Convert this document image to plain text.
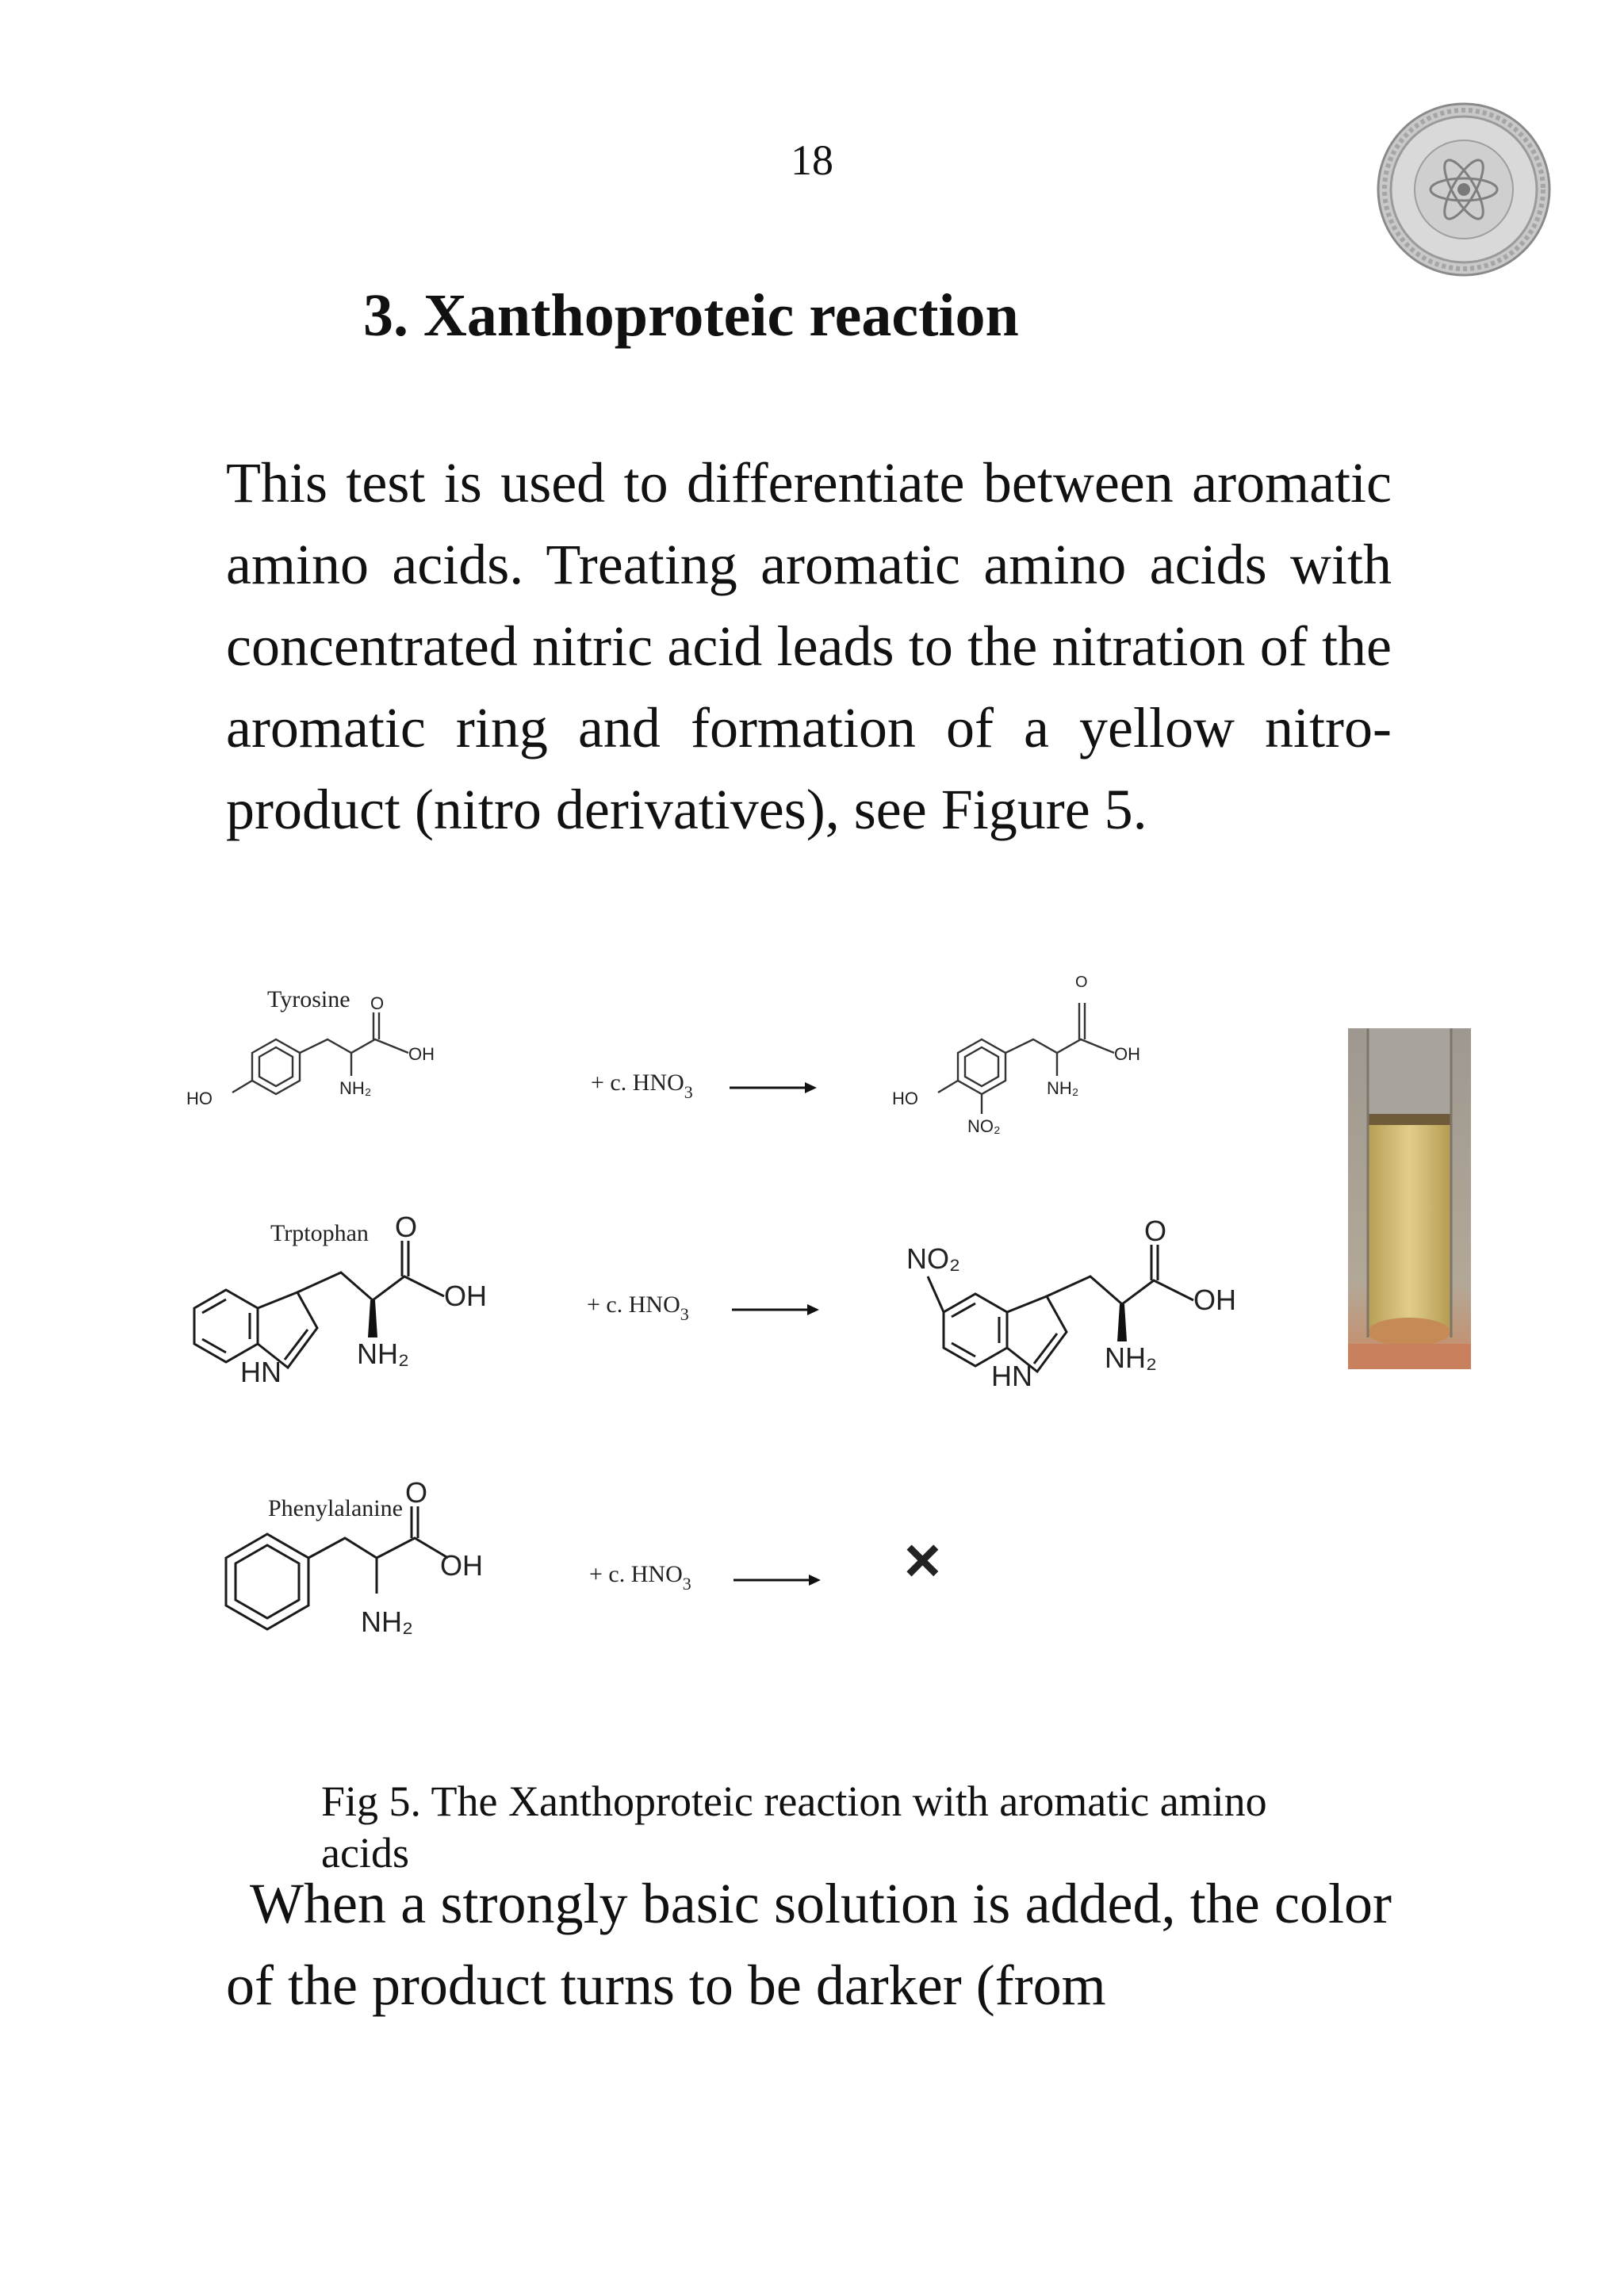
18
3. Xanthoproteic reaction

This test is used to differentiate between aromatic amino acids. Treating aromatic amino acids with concentrated nitric acid leads to the nitration of the aromatic ring and formation of a yellow nitro-product (nitro derivatives), see Figure 5.

Tyrosine O
OH
NH₂
HO
+ c. $HNO_3$
O
OH
NH₂
HO
NO₂
Trptophan O
OH
NH₂
HN
+ c. $HNO_3$
NO₂
O
OH
NH₂
HN
Phenylalanine O
OH
NH₂
+ c. $HNO_3$	×

Fig 5. The Xanthoproteic reaction with aromatic amino acids

When a strongly basic solution is added, the color of the product turns to be darker (from
